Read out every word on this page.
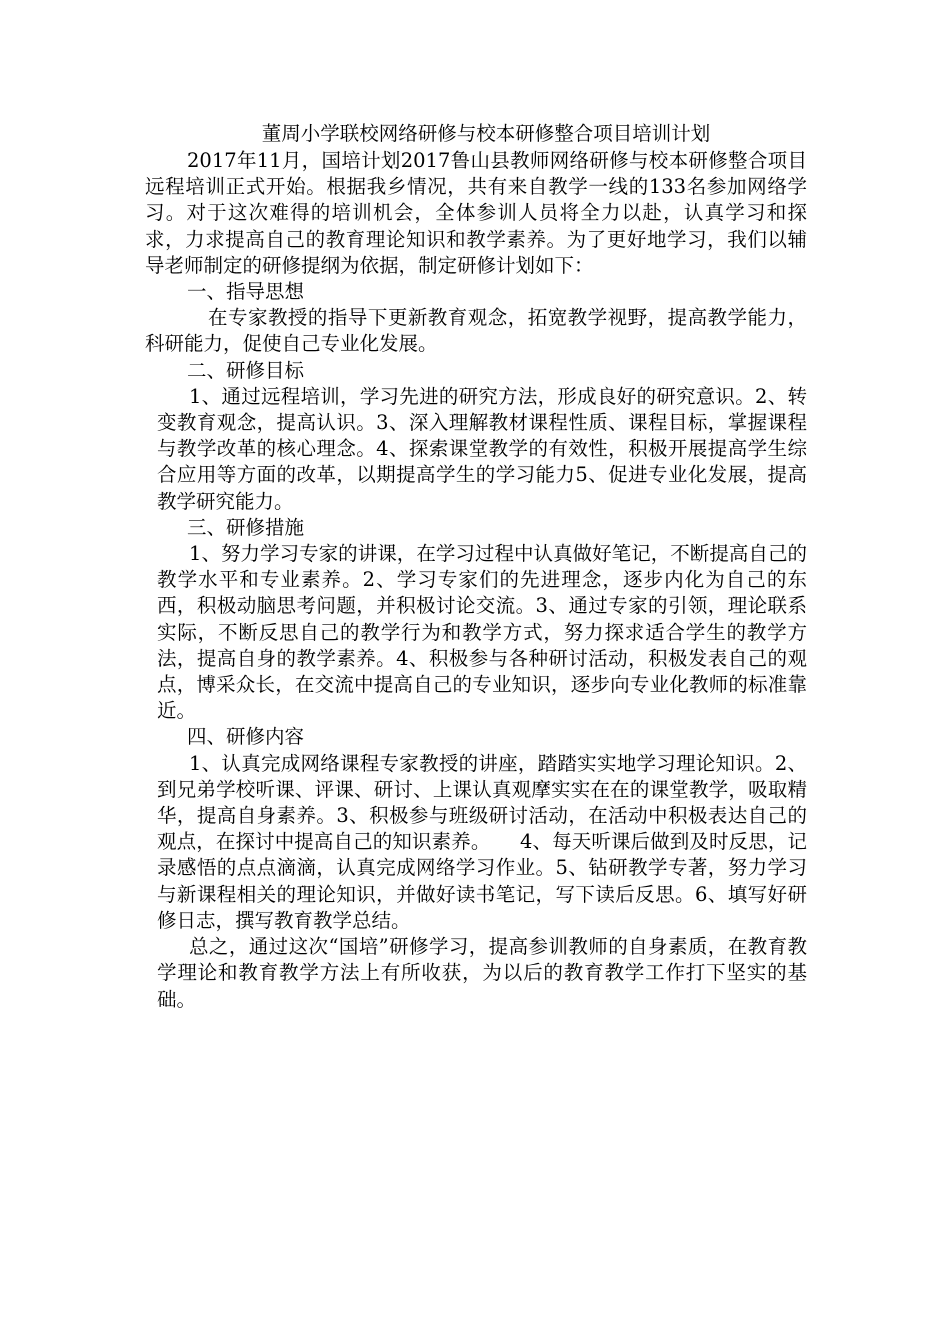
董周小学联校网络研修与校本研修整合项目培训计划

2017年11月，国培计划2017鲁山县教师网络研修与校本研修整合项目远程培训正式开始。根据我乡情况，共有来自教学一线的133名参加网络学习。对于这次难得的培训机会，全体参训人员将全力以赴，认真学习和探求，力求提高自己的教育理论知识和教学素养。为了更好地学习，我们以辅导老师制定的研修提纲为依据，制定研修计划如下：

一、指导思想

在专家教授的指导下更新教育观念，拓宽教学视野，提高教学能力，科研能力，促使自己专业化发展。

二、研修目标

1、通过远程培训，学习先进的研究方法，形成良好的研究意识。2、转变教育观念，提高认识。3、深入理解教材课程性质、课程目标，掌握课程与教学改革的核心理念。4、探索课堂教学的有效性，积极开展提高学生综合应用等方面的改革，以期提高学生的学习能力5、促进专业化发展，提高教学研究能力。

三、研修措施

1、努力学习专家的讲课，在学习过程中认真做好笔记，不断提高自己的教学水平和专业素养。2、学习专家们的先进理念，逐步内化为自己的东西，积极动脑思考问题，并积极讨论交流。3、通过专家的引领，理论联系实际，不断反思自己的教学行为和教学方式，努力探求适合学生的教学方法，提高自身的教学素养。4、积极参与各种研讨活动，积极发表自己的观点，博采众长，在交流中提高自己的专业知识，逐步向专业化教师的标准靠近。

四、研修内容

1、认真完成网络课程专家教授的讲座，踏踏实实地学习理论知识。2、到兄弟学校听课、评课、研讨、上课认真观摩实实在在的课堂教学，吸取精华，提高自身素养。3、积极参与班级研讨活动，在活动中积极表达自己的观点，在探讨中提高自己的知识素养。　　4、每天听课后做到及时反思，记录感悟的点点滴滴，认真完成网络学习作业。5、钻研教学专著，努力学习与新课程相关的理论知识，并做好读书笔记，写下读后反思。6、填写好研修日志，撰写教育教学总结。

总之，通过这次“国培”研修学习，提高参训教师的自身素质，在教育教学理论和教育教学方法上有所收获，为以后的教育教学工作打下坚实的基础。
